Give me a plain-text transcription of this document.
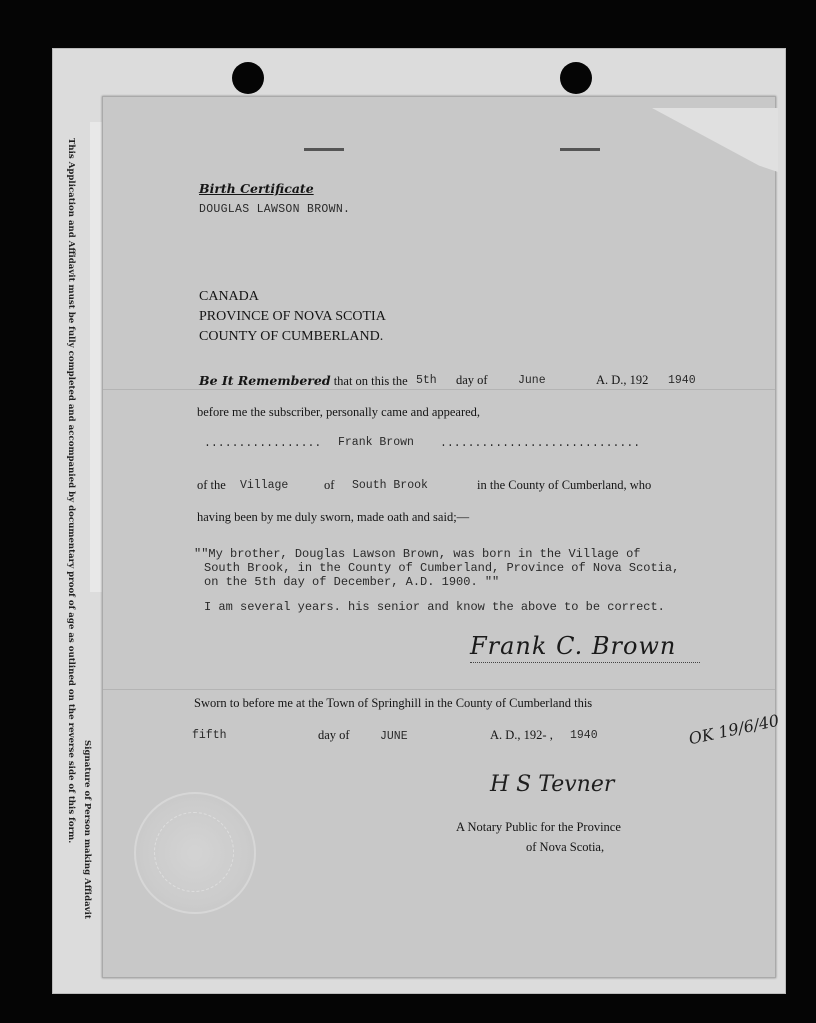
This Application and Affidavit must be fully completed and accompanied by documentary proof of age as outlined on the reverse side of this form. Signature of Person making Affidavit
Birth Certificate
DOUGLAS LAWSON BROWN.
CANADA
PROVINCE OF NOVA SCOTIA
COUNTY OF CUMBERLAND.
Be It Remembered that on this the 5th day of	June	A. D., 192 1940
before me the subscriber, personally came and appeared,
................. Frank Brown .............................
of the Village	of South Brook	in the County of Cumberland, who
having been by me duly sworn, made oath and said;—
""My brother, Douglas Lawson Brown, was born in the Village of
South Brook, in the County of Cumberland, Province of Nova Scotia,
on the 5th day of December, A.D. 1900. ""
I am several years. his senior and know the above to be correct.
Frank C. Brown
Sworn to before me at the Town of Springhill in the County of Cumberland this
fifth	day of	JUNE	A. D., 192- , 1940	OK 19/6/40
H S Tevner
A Notary Public for the Province
of Nova Scotia,
